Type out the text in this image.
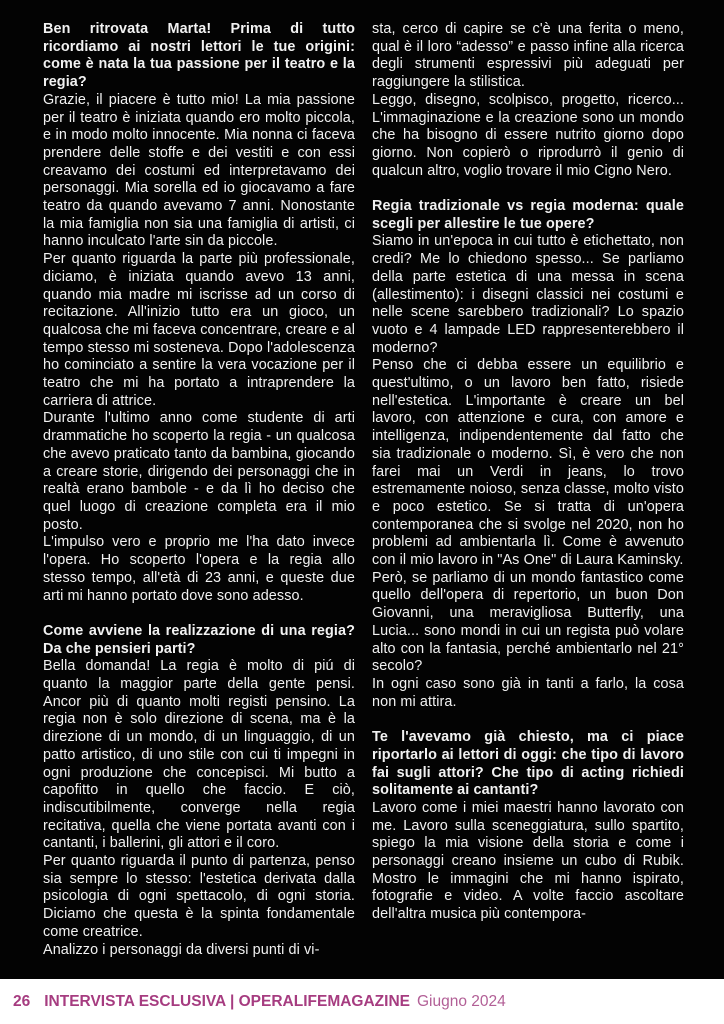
Ben ritrovata Marta! Prima di tutto ricordiamo ai nostri lettori le tue origini: come è nata la tua passione per il teatro e la regia?

Grazie, il piacere è tutto mio! La mia passione per il teatro è iniziata quando ero molto piccola, e in modo molto innocente. Mia nonna ci faceva prendere delle stoffe e dei vestiti e con essi creavamo dei costumi ed interpretavamo dei personaggi. Mia sorella ed io giocavamo a fare teatro da quando avevamo 7 anni. Nonostante la mia famiglia non sia una famiglia di artisti, ci hanno inculcato l'arte sin da piccole.

Per quanto riguarda la parte più professionale, diciamo, è iniziata quando avevo 13 anni, quando mia madre mi iscrisse ad un corso di recitazione. All'inizio tutto era un gioco, un qualcosa che mi faceva concentrare, creare e al tempo stesso mi sosteneva. Dopo l'adolescenza ho cominciato a sentire la vera vocazione per il teatro che mi ha portato a intraprendere la carriera di attrice.

Durante l'ultimo anno come studente di arti drammatiche ho scoperto la regia - un qualcosa che avevo praticato tanto da bambina, giocando a creare storie, dirigendo dei personaggi che in realtà erano bambole - e da lì ho deciso che quel luogo di creazione completa era il mio posto.

L'impulso vero e proprio me l'ha dato invece l'opera. Ho scoperto l'opera e la regia allo stesso tempo, all'età di 23 anni, e queste due arti mi hanno portato dove sono adesso.

Come avviene la realizzazione di una regia? Da che pensieri parti?

Bella domanda! La regia è molto di piú di quanto la maggior parte della gente pensi. Ancor più di quanto molti registi pensino. La regia non è solo direzione di scena, ma è la direzione di un mondo, di un linguaggio, di un patto artistico, di uno stile con cui ti impegni in ogni produzione che concepisci. Mi butto a capofitto in quello che faccio. E ciò, indiscutibilmente, converge nella regia recitativa, quella che viene portata avanti con i cantanti, i ballerini, gli attori e il coro.

Per quanto riguarda il punto di partenza, penso sia sempre lo stesso: l'estetica derivata dalla psicologia di ogni spettacolo, di ogni storia. Diciamo che questa è la spinta fondamentale come creatrice.

Analizzo i personaggi da diversi punti di vi-

sta, cerco di capire se c'è una ferita o meno, qual è il loro “adesso” e passo infine alla ricerca degli strumenti espressivi più adeguati per raggiungere la stilistica.

Leggo, disegno, scolpisco, progetto, ricerco... L'immaginazione e la creazione sono un mondo che ha bisogno di essere nutrito giorno dopo giorno. Non copierò o riprodurrò il genio di qualcun altro, voglio trovare il mio Cigno Nero.

Regia tradizionale vs regia moderna: quale scegli per allestire le tue opere?

Siamo in un'epoca in cui tutto è etichettato, non credi? Me lo chiedono spesso... Se parliamo della parte estetica di una messa in scena (allestimento): i disegni classici nei costumi e nelle scene sarebbero tradizionali? Lo spazio vuoto e 4 lampade LED rappresenterebbero il moderno?

Penso che ci debba essere un equilibrio e quest'ultimo, o un lavoro ben fatto, risiede nell'estetica. L'importante è creare un bel lavoro, con attenzione e cura, con amore e intelligenza, indipendentemente dal fatto che sia tradizionale o moderno. Sì, è vero che non farei mai un Verdi in jeans, lo trovo estremamente noioso, senza classe, molto visto e poco estetico. Se si tratta di un'opera contemporanea che si svolge nel 2020, non ho problemi ad ambientarla lì. Come è avvenuto con il mio lavoro in "As One" di Laura Kaminsky.

Però, se parliamo di un mondo fantastico come quello dell'opera di repertorio, un buon Don Giovanni, una meravigliosa Butterfly, una Lucia... sono mondi in cui un regista può volare alto con la fantasia, perché ambientarlo nel 21° secolo?

In ogni caso sono già in tanti a farlo, la cosa non mi attira.

Te l'avevamo già chiesto, ma ci piace riportarlo ai lettori di oggi: che tipo di lavoro fai sugli attori? Che tipo di acting richiedi solitamente ai cantanti?

Lavoro come i miei maestri hanno lavorato con me. Lavoro sulla sceneggiatura, sullo spartito, spiego la mia visione della storia e come i personaggi creano insieme un cubo di Rubik. Mostro le immagini che mi hanno ispirato, fotografie e video. A volte faccio ascoltare dell'altra musica più contempora-

26 INTERVISTA ESCLUSIVA | OPERALIFEMAGAZINE Giugno 2024
